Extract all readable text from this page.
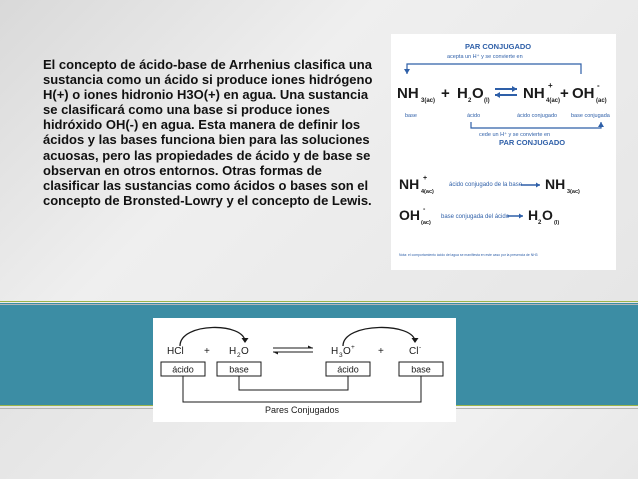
El concepto de ácido-base de Arrhenius clasifica una sustancia como un ácido si produce iones hidrógeno H(+) o iones hidronio H3O(+) en agua. Una sustancia se clasificará como una base si produce iones hidróxido OH(-) en agua. Esta manera de definir los ácidos y las bases funciona bien para las soluciones acuosas, pero las propiedades de ácido y de base se observan en otros entornos. Otras formas de clasificar las sustancias como ácidos o bases son el concepto de Bronsted-Lowry y el concepto de Lewis.

PAR CONJUGADO
acepta un H⁺ y se convierte en
NH 3(ac) + H 2 O (l) NH 4(ac)
+ + OH -
(ac)
base	ácido	ácido conjugado	base conjugada
cede un H⁺ y se convierte en
PAR CONJUGADO
NH 4(ac)
+	NH 3(ac)
ácido conjugado de la base
OH (ac)
-	H 2 O (l)
base conjugada del ácido
Nota: el comportamiento ácido del agua se manifiesta en este caso por la presencia de NH3
HCl + H 2 O	H 3 O + +	Cl -
ácido	base	ácido	base
Pares Conjugados
